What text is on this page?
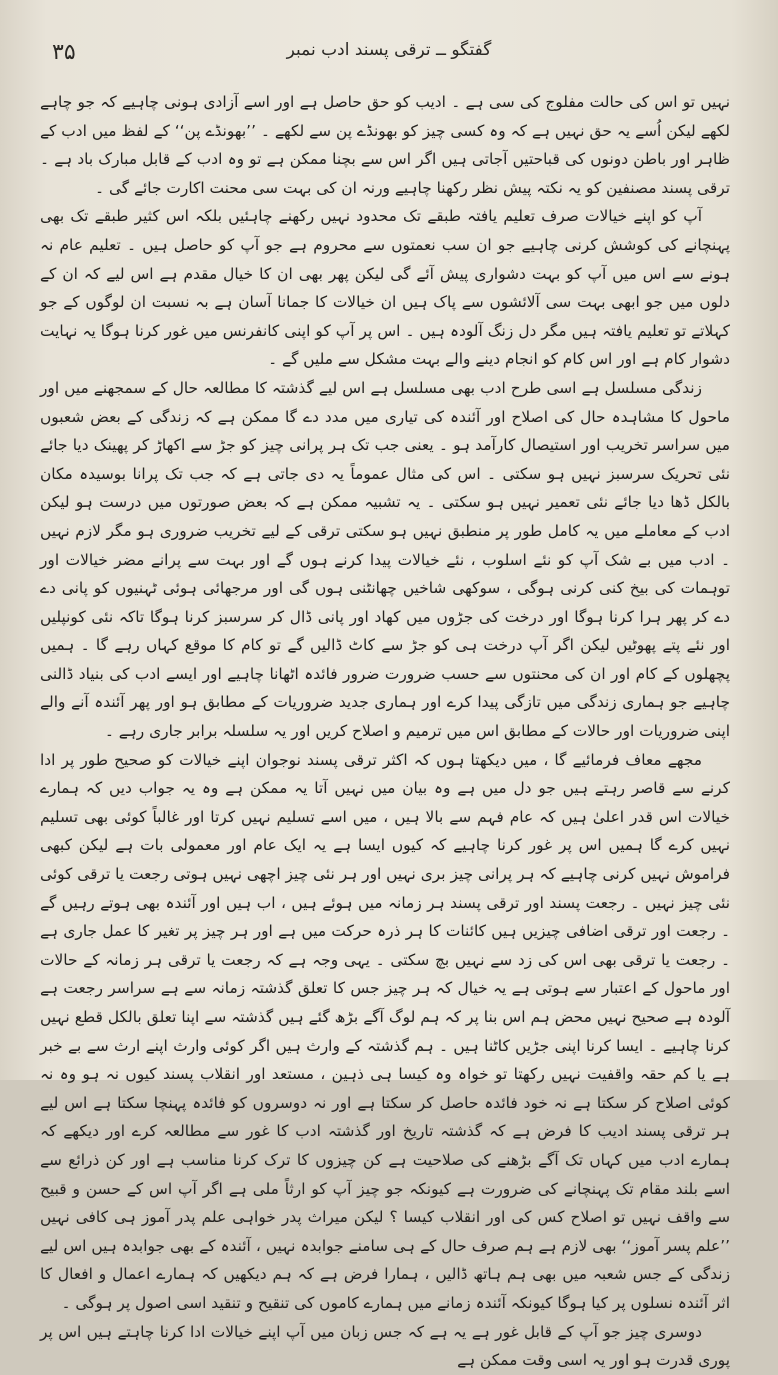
۳۵	گفتگو ــ ترقی پسند ادب نمبر

نہیں تو اس کی حالت مفلوج کی سی ہے ۔ ادیب کو حق حاصل ہے اور اسے آزادی ہونی چاہیے کہ جو چاہے لکھے لیکن اُسے یہ حق نہیں ہے کہ وہ کسی چیز کو بھونڈے پن سے لکھے ۔ ’’بھونڈے پن‘‘ کے لفظ میں ادب کے ظاہر اور باطن دونوں کی قباحتیں آجاتی ہیں اگر اس سے بچنا ممکن ہے تو وہ ادب کے قابل مبارک باد ہے ۔ ترقی پسند مصنفین کو یہ نکتہ پیش نظر رکھنا چاہیے ورنہ ان کی بہت سی محنت اکارت جائے گی ۔

آپ کو اپنے خیالات صرف تعلیم یافتہ طبقے تک محدود نہیں رکھنے چاہئیں بلکہ اس کثیر طبقے تک بھی پہنچانے کی کوشش کرنی چاہیے جو ان سب نعمتوں سے محروم ہے جو آپ کو حاصل ہیں ۔ تعلیم عام نہ ہونے سے اس میں آپ کو بہت دشواری پیش آئے گی لیکن پھر بھی ان کا خیال مقدم ہے اس لیے کہ ان کے دلوں میں جو ابھی بہت سی آلائشوں سے پاک ہیں ان خیالات کا جمانا آسان ہے بہ نسبت ان لوگوں کے جو کہلاتے تو تعلیم یافتہ ہیں مگر دل زنگ آلودہ ہیں ۔ اس پر آپ کو اپنی کانفرنس میں غور کرنا ہوگا یہ نہایت دشوار کام ہے اور اس کام کو انجام دینے والے بہت مشکل سے ملیں گے ۔

زندگی مسلسل ہے اسی طرح ادب بھی مسلسل ہے اس لیے گذشتہ کا مطالعہ حال کے سمجھنے میں اور ماحول کا مشاہدہ حال کی اصلاح اور آئندہ کی تیاری میں مدد دے گا ممکن ہے کہ زندگی کے بعض شعبوں میں سراسر تخریب اور استیصال کارآمد ہو ۔ یعنی جب تک ہر پرانی چیز کو جڑ سے اکھاڑ کر پھینک دیا جائے نئی تحریک سرسبز نہیں ہو سکتی ۔ اس کی مثال عموماً یہ دی جاتی ہے کہ جب تک پرانا بوسیدہ مکان بالکل ڈھا دیا جائے نئی تعمیر نہیں ہو سکتی ۔ یہ تشبیہ ممکن ہے کہ بعض صورتوں میں درست ہو لیکن ادب کے معاملے میں یہ کامل طور پر منطبق نہیں ہو سکتی ترقی کے لیے تخریب ضروری ہو مگر لازم نہیں ۔ ادب میں بے شک آپ کو نئے اسلوب ، نئے خیالات پیدا کرنے ہوں گے اور بہت سے پرانے مضر خیالات اور توہمات کی بیخ کنی کرنی ہوگی ، سوکھی شاخیں چھانٹنی ہوں گی اور مرجھائی ہوئی ٹہنیوں کو پانی دے دے کر پھر ہرا کرنا ہوگا اور درخت کی جڑوں میں کھاد اور پانی ڈال کر سرسبز کرنا ہوگا تاکہ نئی کونپلیں اور نئے پتے پھوٹیں لیکن اگر آپ درخت ہی کو جڑ سے کاٹ ڈالیں گے تو کام کا موقع کہاں رہے گا ۔ ہمیں پچھلوں کے کام اور ان کی محنتوں سے حسب ضرورت ضرور فائدہ اٹھانا چاہیے اور ایسے ادب کی بنیاد ڈالنی چاہیے جو ہماری زندگی میں تازگی پیدا کرے اور ہماری جدید ضروریات کے مطابق ہو اور پھر آئندہ آنے والے اپنی ضروریات اور حالات کے مطابق اس میں ترمیم و اصلاح کریں اور یہ سلسلہ برابر جاری رہے ۔

مجھے معاف فرمائیے گا ، میں دیکھتا ہوں کہ اکثر ترقی پسند نوجوان اپنے خیالات کو صحیح طور پر ادا کرنے سے قاصر رہتے ہیں جو دل میں ہے وہ بیان میں نہیں آتا یہ ممکن ہے وہ یہ جواب دیں کہ ہمارے خیالات اس قدر اعلیٰ ہیں کہ عام فہم سے بالا ہیں ، میں اسے تسلیم نہیں کرتا اور غالباً کوئی بھی تسلیم نہیں کرے گا ہمیں اس پر غور کرنا چاہیے کہ کیوں ایسا ہے یہ ایک عام اور معمولی بات ہے لیکن کبھی فراموش نہیں کرنی چاہیے کہ ہر پرانی چیز بری نہیں اور ہر نئی چیز اچھی نہیں ہوتی رجعت یا ترقی کوئی نئی چیز نہیں ۔ رجعت پسند اور ترقی پسند ہر زمانہ میں ہوئے ہیں ، اب ہیں اور آئندہ بھی ہوتے رہیں گے ۔ رجعت اور ترقی اضافی چیزیں ہیں کائنات کا ہر ذرہ حرکت میں ہے اور ہر چیز پر تغیر کا عمل جاری ہے ۔ رجعت یا ترقی بھی اس کی زد سے نہیں بچ سکتی ۔ یہی وجہ ہے کہ رجعت یا ترقی ہر زمانہ کے حالات اور ماحول کے اعتبار سے ہوتی ہے یہ خیال کہ ہر چیز جس کا تعلق گذشتہ زمانہ سے ہے سراسر رجعت ہے آلودہ ہے صحیح نہیں محض ہم اس بنا پر کہ ہم لوگ آگے بڑھ گئے ہیں گذشتہ سے اپنا تعلق بالکل قطع نہیں کرنا چاہیے ۔ ایسا کرنا اپنی جڑیں کاٹنا ہیں ۔ ہم گذشتہ کے وارث ہیں اگر کوئی وارث اپنے ارث سے بے خبر ہے یا کم حقہ واقفیت نہیں رکھتا تو خواہ وہ کیسا ہی ذہین ، مستعد اور انقلاب پسند کیوں نہ ہو وہ نہ کوئی اصلاح کر سکتا ہے نہ خود فائدہ حاصل کر سکتا ہے اور نہ دوسروں کو فائدہ پہنچا سکتا ہے اس لیے ہر ترقی پسند ادیب کا فرض ہے کہ گذشتہ تاریخ اور گذشتہ ادب کا غور سے مطالعہ کرے اور دیکھے کہ ہمارے ادب میں کہاں تک آگے بڑھنے کی صلاحیت ہے کن چیزوں کا ترک کرنا مناسب ہے اور کن ذرائع سے اسے بلند مقام تک پہنچانے کی ضرورت ہے کیونکہ جو چیز آپ کو ارثاً ملی ہے اگر آپ اس کے حسن و قبیح سے واقف نہیں تو اصلاح کس کی اور انقلاب کیسا ؟ لیکن میراث پدر خواہی علم پدر آموز ہی کافی نہیں ’’علم پسر آموز‘‘ بھی لازم ہے ہم صرف حال کے ہی سامنے جوابدہ نہیں ، آئندہ کے بھی جوابدہ ہیں اس لیے زندگی کے جس شعبہ میں بھی ہم ہاتھ ڈالیں ، ہمارا فرض ہے کہ ہم دیکھیں کہ ہمارے اعمال و افعال کا اثر آئندہ نسلوں پر کیا ہوگا کیونکہ آئندہ زمانے میں ہمارے کاموں کی تنقیح و تنقید اسی اصول پر ہوگی ۔

دوسری چیز جو آپ کے قابل غور ہے یہ ہے کہ جس زبان میں آپ اپنے خیالات ادا کرنا چاہتے ہیں اس پر پوری قدرت ہو اور یہ اسی وقت ممکن ہے
